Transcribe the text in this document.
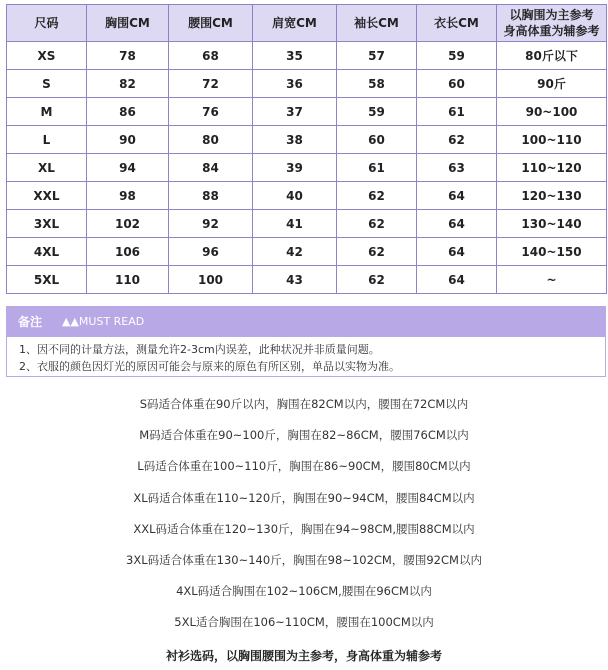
尺码	胸围CM	腰围CM	肩宽CM	袖长CM	衣长CM	以胸围为主参考
身高体重为辅参考
XS	78	68	35	57	59	80斤以下
S	82	72	36	58	60	90斤
M	86	76	37	59	61	90~100
L	90	80	38	60	62	100~110
XL	94	84	39	61	63	110~120
XXL	98	88	40	62	64	120~130
3XL	102	92	41	62	64	130~140
4XL	106	96	42	62	64	140~150
5XL	110	100	43	62	64	~
备注	▲▲MUST READ
1、因不同的计量方法，测量允许2-3cm内误差，此种状况并非质量问题。
2、衣服的颜色因灯光的原因可能会与原来的原色有所区别，单品以实物为准。
S码适合体重在90斤以内，胸围在82CM以内，腰围在72CM以内
M码适合体重在90~100斤，胸围在82~86CM，腰围76CM以内
L码适合体重在100~110斤，胸围在86~90CM，腰围80CM以内
XL码适合体重在110~120斤，胸围在90~94CM，腰围84CM以内
XXL码适合体重在120~130斤，胸围在94~98CM,腰围88CM以内
3XL码适合体重在130~140斤，胸围在98~102CM，腰围92CM以内
4XL码适合胸围在102~106CM,腰围在96CM以内
5XL适合胸围在106~110CM，腰围在100CM以内
衬衫选码，以胸围腰围为主参考，身高体重为辅参考
